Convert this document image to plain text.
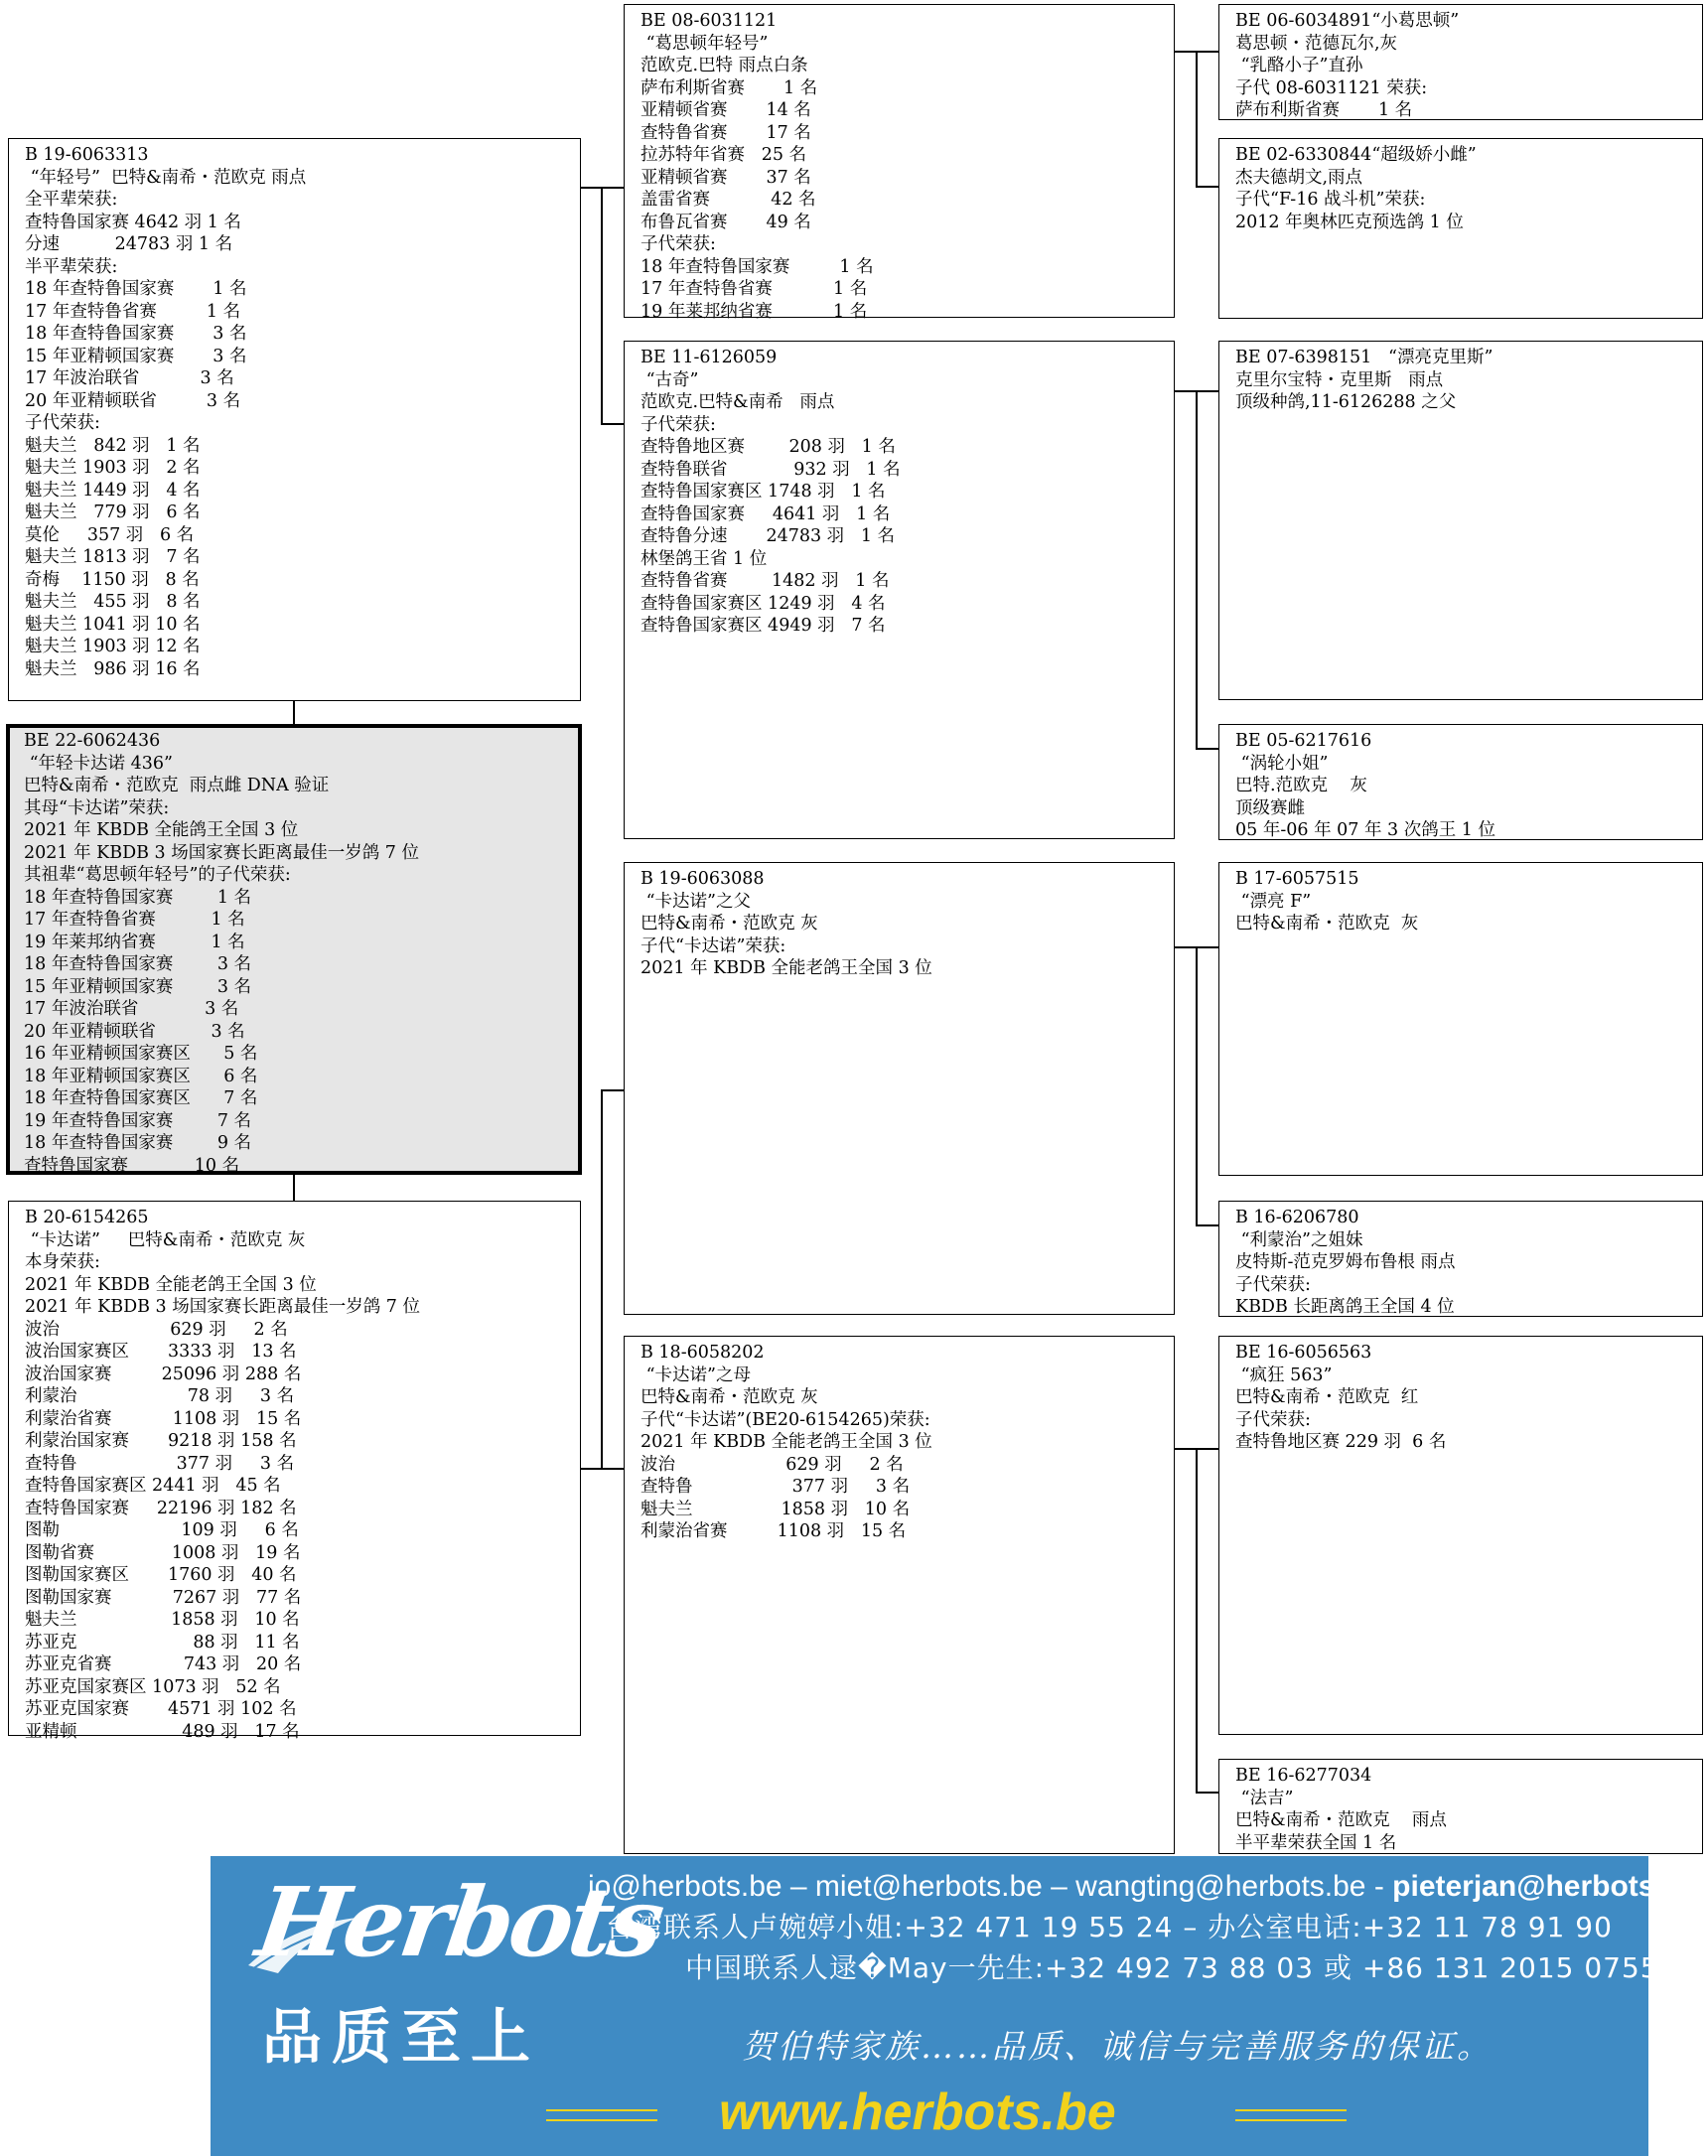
B 19-6063313
“年轻号”  巴特&南希・范欧克 雨点
全平辈荣获:
查特鲁国家赛 4642 羽 1 名
分速          24783 羽 1 名
半平辈荣获:
18 年查特鲁国家赛       1 名
17 年查特鲁省赛         1 名
18 年查特鲁国家赛       3 名
15 年亚精顿国家赛       3 名
17 年波治联省           3 名
20 年亚精顿联省         3 名
子代荣获:
魁夫兰   842 羽   1 名
魁夫兰 1903 羽   2 名
魁夫兰 1449 羽   4 名
魁夫兰   779 羽   6 名
莫伦     357 羽   6 名
魁夫兰 1813 羽   7 名
奇梅    1150 羽   8 名
魁夫兰   455 羽   8 名
魁夫兰 1041 羽 10 名
魁夫兰 1903 羽 12 名
魁夫兰   986 羽 16 名
BE 22-6062436
“年轻卡达诺 436”
巴特&南希・范欧克  雨点雌 DNA 验证
其母“卡达诺”荣获:
2021 年 KBDB 全能鸽王全国 3 位
2021 年 KBDB 3 场国家赛长距离最佳一岁鸽 7 位
其祖辈“葛思顿年轻号”的子代荣获:
18 年查特鲁国家赛        1 名
17 年查特鲁省赛          1 名
19 年莱邦纳省赛          1 名
18 年查特鲁国家赛        3 名
15 年亚精顿国家赛        3 名
17 年波治联省            3 名
20 年亚精顿联省          3 名
16 年亚精顿国家赛区      5 名
18 年亚精顿国家赛区      6 名
18 年查特鲁国家赛区      7 名
19 年查特鲁国家赛        7 名
18 年查特鲁国家赛        9 名
查特鲁国家赛            10 名
B 20-6154265
“卡达诺”     巴特&南希・范欧克 灰
本身荣获:
2021 年 KBDB 全能老鸽王全国 3 位
2021 年 KBDB 3 场国家赛长距离最佳一岁鸽 7 位
波治                    629 羽     2 名
波治国家赛区       3333 羽   13 名
波治国家赛         25096 羽 288 名
利蒙治                    78 羽     3 名
利蒙治省赛           1108 羽   15 名
利蒙治国家赛       9218 羽 158 名
查特鲁                  377 羽     3 名
查特鲁国家赛区 2441 羽   45 名
查特鲁国家赛     22196 羽 182 名
图勒                      109 羽     6 名
图勒省赛              1008 羽   19 名
图勒国家赛区       1760 羽   40 名
图勒国家赛           7267 羽   77 名
魁夫兰                 1858 羽   10 名
苏亚克                     88 羽   11 名
苏亚克省赛             743 羽   20 名
苏亚克国家赛区 1073 羽   52 名
苏亚克国家赛       4571 羽 102 名
亚精顿                   489 羽   17 名
BE 08-6031121
“葛思顿年轻号”
范欧克.巴特 雨点白条
萨布利斯省赛       1 名
亚精顿省赛       14 名
查特鲁省赛       17 名
拉苏特年省赛   25 名
亚精顿省赛       37 名
盖雷省赛           42 名
布鲁瓦省赛       49 名
子代荣获:
18 年查特鲁国家赛         1 名
17 年查特鲁省赛           1 名
19 年莱邦纳省赛           1 名
BE 11-6126059
“古奇”
范欧克.巴特&南希   雨点
子代荣获:
查特鲁地区赛        208 羽   1 名
查特鲁联省            932 羽   1 名
查特鲁国家赛区 1748 羽   1 名
查特鲁国家赛     4641 羽   1 名
查特鲁分速       24783 羽   1 名
林堡鸽王省 1 位
查特鲁省赛        1482 羽   1 名
查特鲁国家赛区 1249 羽   4 名
查特鲁国家赛区 4949 羽   7 名
B 19-6063088
“卡达诺”之父
巴特&南希・范欧克 灰
子代“卡达诺”荣获:
2021 年 KBDB 全能老鸽王全国 3 位
B 18-6058202
“卡达诺”之母
巴特&南希・范欧克 灰
子代“卡达诺”(BE20-6154265)荣获:
2021 年 KBDB 全能老鸽王全国 3 位
波治                    629 羽     2 名
查特鲁                  377 羽     3 名
魁夫兰                1858 羽   10 名
利蒙治省赛         1108 羽   15 名
BE 06-6034891“小葛思顿”
葛思顿・范德瓦尔,灰
“乳酪小子”直孙
子代 08-6031121 荣获:
萨布利斯省赛       1 名
BE 02-6330844“超级娇小雌”
杰夫德胡文,雨点
子代“F-16 战斗机”荣获:
2012 年奥林匹克预选鸽 1 位
BE 07-6398151   “漂亮克里斯”
克里尔宝特・克里斯   雨点
顶级种鸽,11-6126288 之父
BE 05-6217616
“涡轮小姐”
巴特.范欧克    灰
顶级赛雌
05 年-06 年 07 年 3 次鸽王 1 位
B 17-6057515
“漂亮 F”
巴特&南希・范欧克  灰
B 16-6206780
“利蒙治”之姐妹
皮特斯-范克罗姆布鲁根 雨点
子代荣获:
KBDB 长距离鸽王全国 4 位
BE 16-6056563
“疯狂 563”
巴特&南希・范欧克  红
子代荣获:
查特鲁地区赛 229 羽  6 名
BE 16-6277034
“法吉”
巴特&南希・范欧克    雨点
半平辈荣获全国 1 名
Herbots
品质至上
jo@herbots.be – miet@herbots.be – wangting@herbots.be - pieterjan@herbots.be
台湾联系人卢婉婷小姐:+32 471 19 55 24 – 办公室电话:+32 11 78 91 90
中国联系人逯�May一先生:+32 492 73 88 03 或 +86 131 2015 0755
贺伯特家族……品质、诚信与完善服务的保证。
www.herbots.be
